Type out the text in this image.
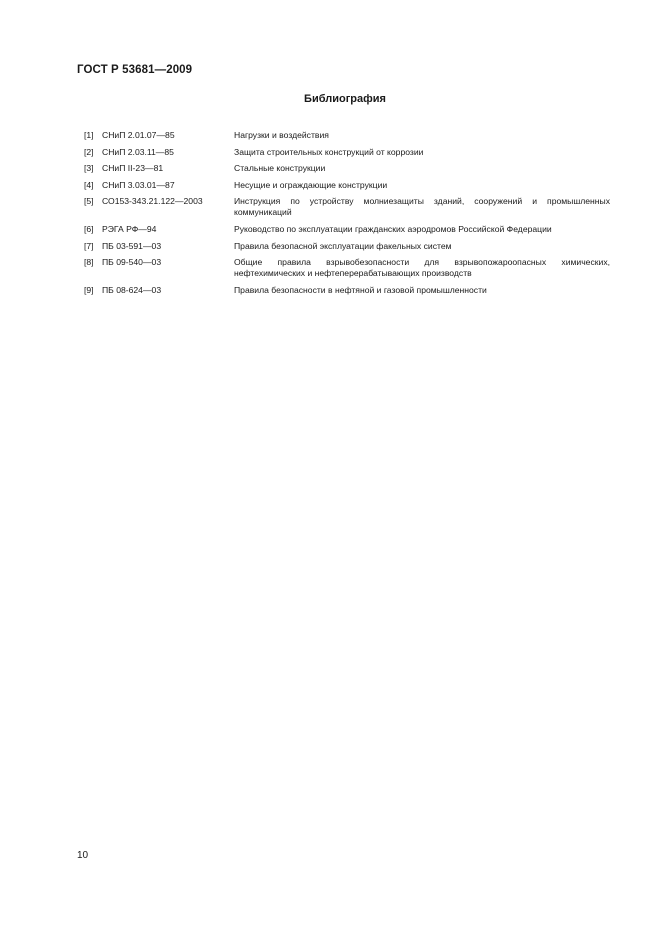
ГОСТ Р 53681—2009
Библиография
[1] СНиП 2.01.07—85	Нагрузки и воздействия
[2] СНиП 2.03.11—85	Защита строительных конструкций от коррозии
[3] СНиП II-23—81	Стальные конструкции
[4] СНиП 3.03.01—87	Несущие и ограждающие конструкции
[5] СО153-343.21.122—2003	Инструкция по устройству молниезащиты зданий, сооружений и промышленных коммуникаций
[6] РЭГА РФ—94	Руководство по эксплуатации гражданских аэродромов Российской Федерации
[7] ПБ 03-591—03	Правила безопасной эксплуатации факельных систем
[8] ПБ 09-540—03	Общие правила взрывобезопасности для взрывопожароопасных химических, нефтехимических и нефтеперерабатывающих производств
[9] ПБ 08-624—03	Правила безопасности в нефтяной и газовой промышленности
10
